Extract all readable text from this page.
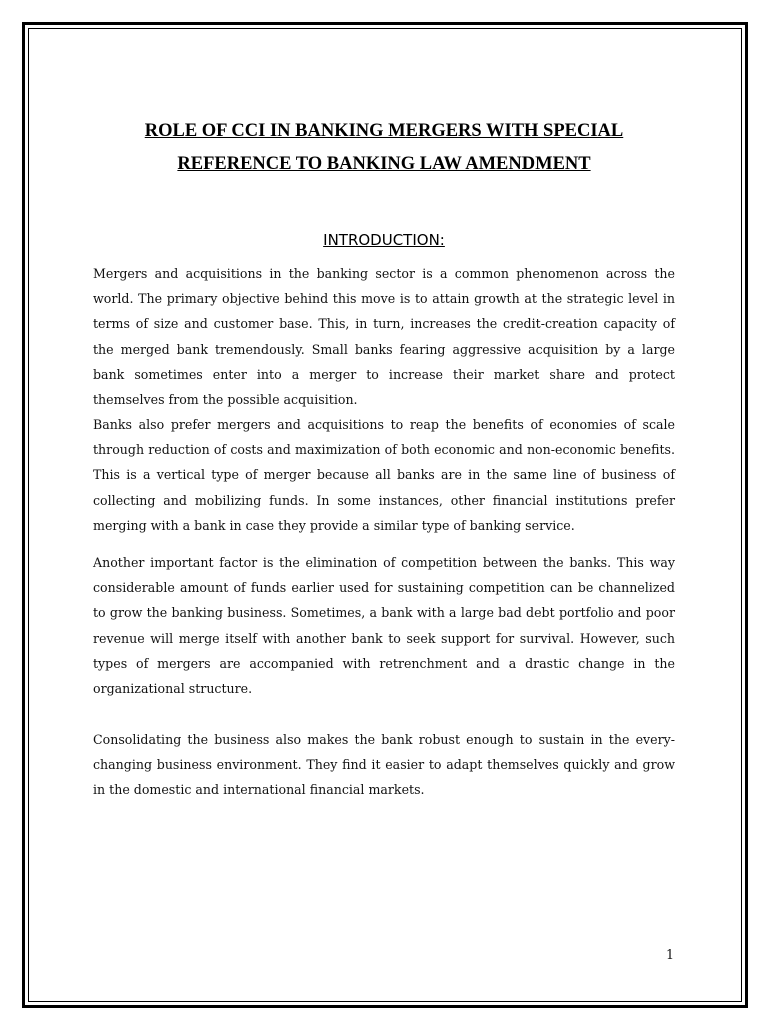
ROLE OF CCI IN BANKING MERGERS WITH SPECIAL
REFERENCE TO BANKING LAW AMENDMENT
INTRODUCTION:

Mergers and acquisitions in the banking sector is a common phenomenon across the world. The primary objective behind this move is to attain growth at the strategic level in terms of size and customer base. This, in turn, increases the credit-creation capacity of the merged bank tremendously. Small banks fearing aggressive acquisition by a large bank sometimes enter into a merger to increase their market share and protect themselves from the possible acquisition.

Banks also prefer mergers and acquisitions to reap the benefits of economies of scale through reduction of costs and maximization of both economic and non-economic benefits. This is a vertical type of merger because all banks are in the same line of business of collecting and mobilizing funds. In some instances, other financial institutions prefer merging with a bank in case they provide a similar type of banking service.

Another important factor is the elimination of competition between the banks. This way considerable amount of funds earlier used for sustaining competition can be channelized to grow the banking business. Sometimes, a bank with a large bad debt portfolio and poor revenue will merge itself with another bank to seek support for survival. However, such types of mergers are accompanied with retrenchment and a drastic change in the organizational structure.

Consolidating the business also makes the bank robust enough to sustain in the every-changing business environment. They find it easier to adapt themselves quickly and grow in the domestic and international financial markets.

1
